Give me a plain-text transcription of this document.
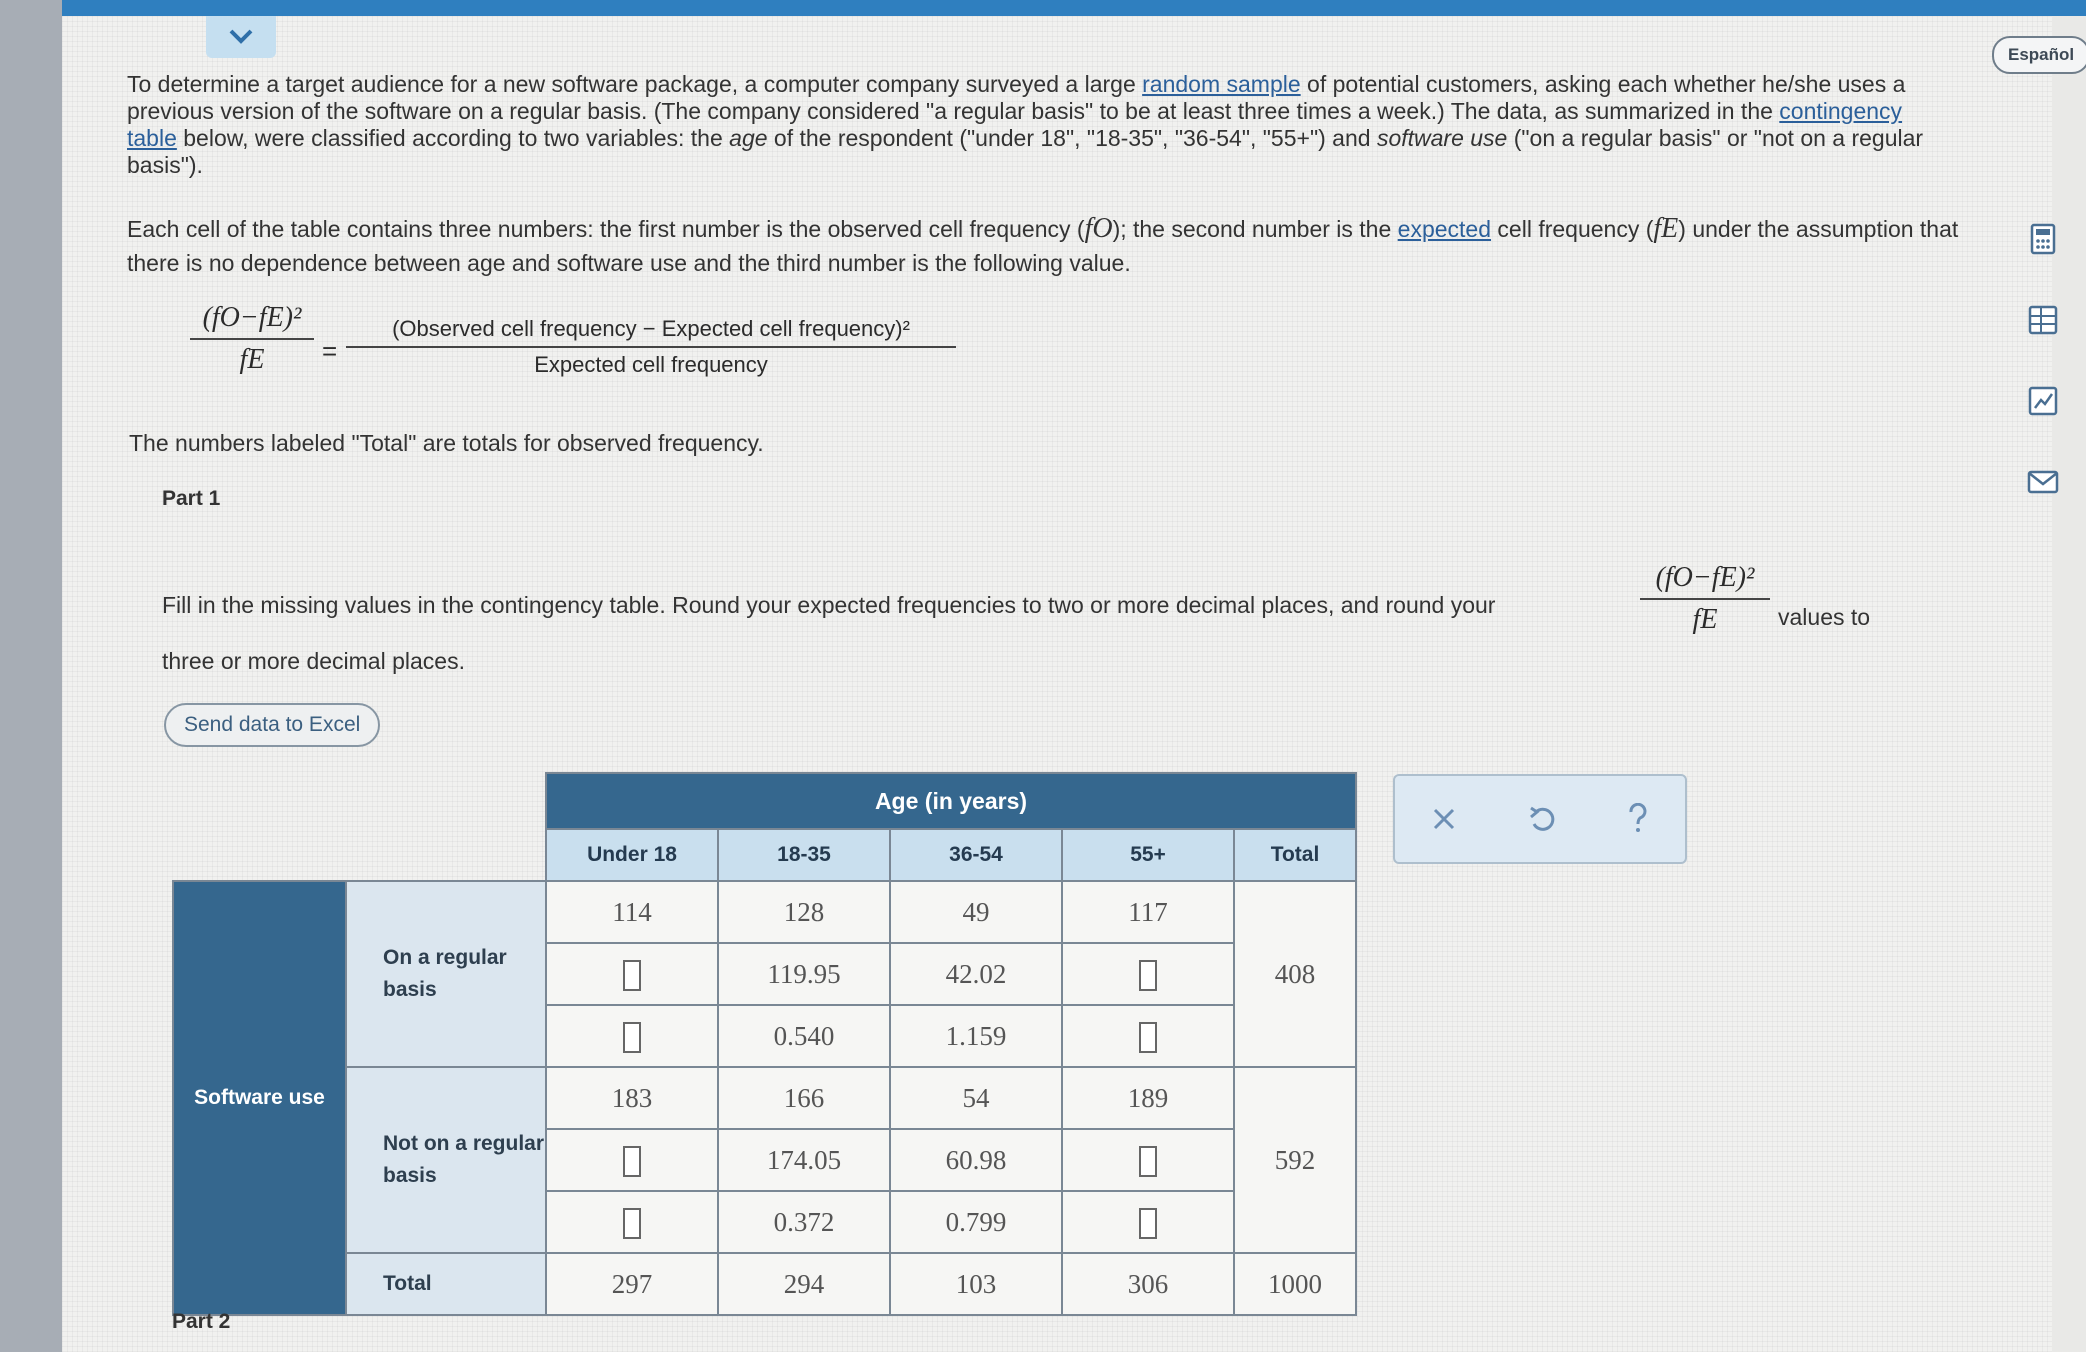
Español

To determine a target audience for a new software package, a computer company surveyed a large random sample of potential customers, asking each whether he/she uses a previous version of the software on a regular basis. (The company considered "a regular basis" to be at least three times a week.) The data, as summarized in the contingency table below, were classified according to two variables: the age of the respondent ("under 18", "18-35", "36-54", "55+") and software use ("on a regular basis" or "not on a regular basis").

Each cell of the table contains three numbers: the first number is the observed cell frequency (fO); the second number is the expected cell frequency (fE) under the assumption that there is no dependence between age and software use and the third number is the following value.

$\frac{\text{(fO−fE)²}}{fE}$ =
(Observed cell frequency − Expected cell frequency)²
Expected cell frequency

The numbers labeled "Total" are totals for observed frequency.

Part 1

Fill in the missing values in the contingency table. Round your expected frequencies to two or more decimal places, and round your	$\frac{\text{(fO−fE)²}}{fE}$ values to

three or more decimal places.

Send data to Excel
		Age (in years)				
		Under 18	18-35	36-54	55+	Total
Software use	On a regular basis	114	128	49	117	408
			119.95	42.02		
			0.540	1.159		
	Not on a regular basis	183	166	54	189	592
			174.05	60.98		
			0.372	0.799		
	Total	297	294	103	306	1000
Part 2
